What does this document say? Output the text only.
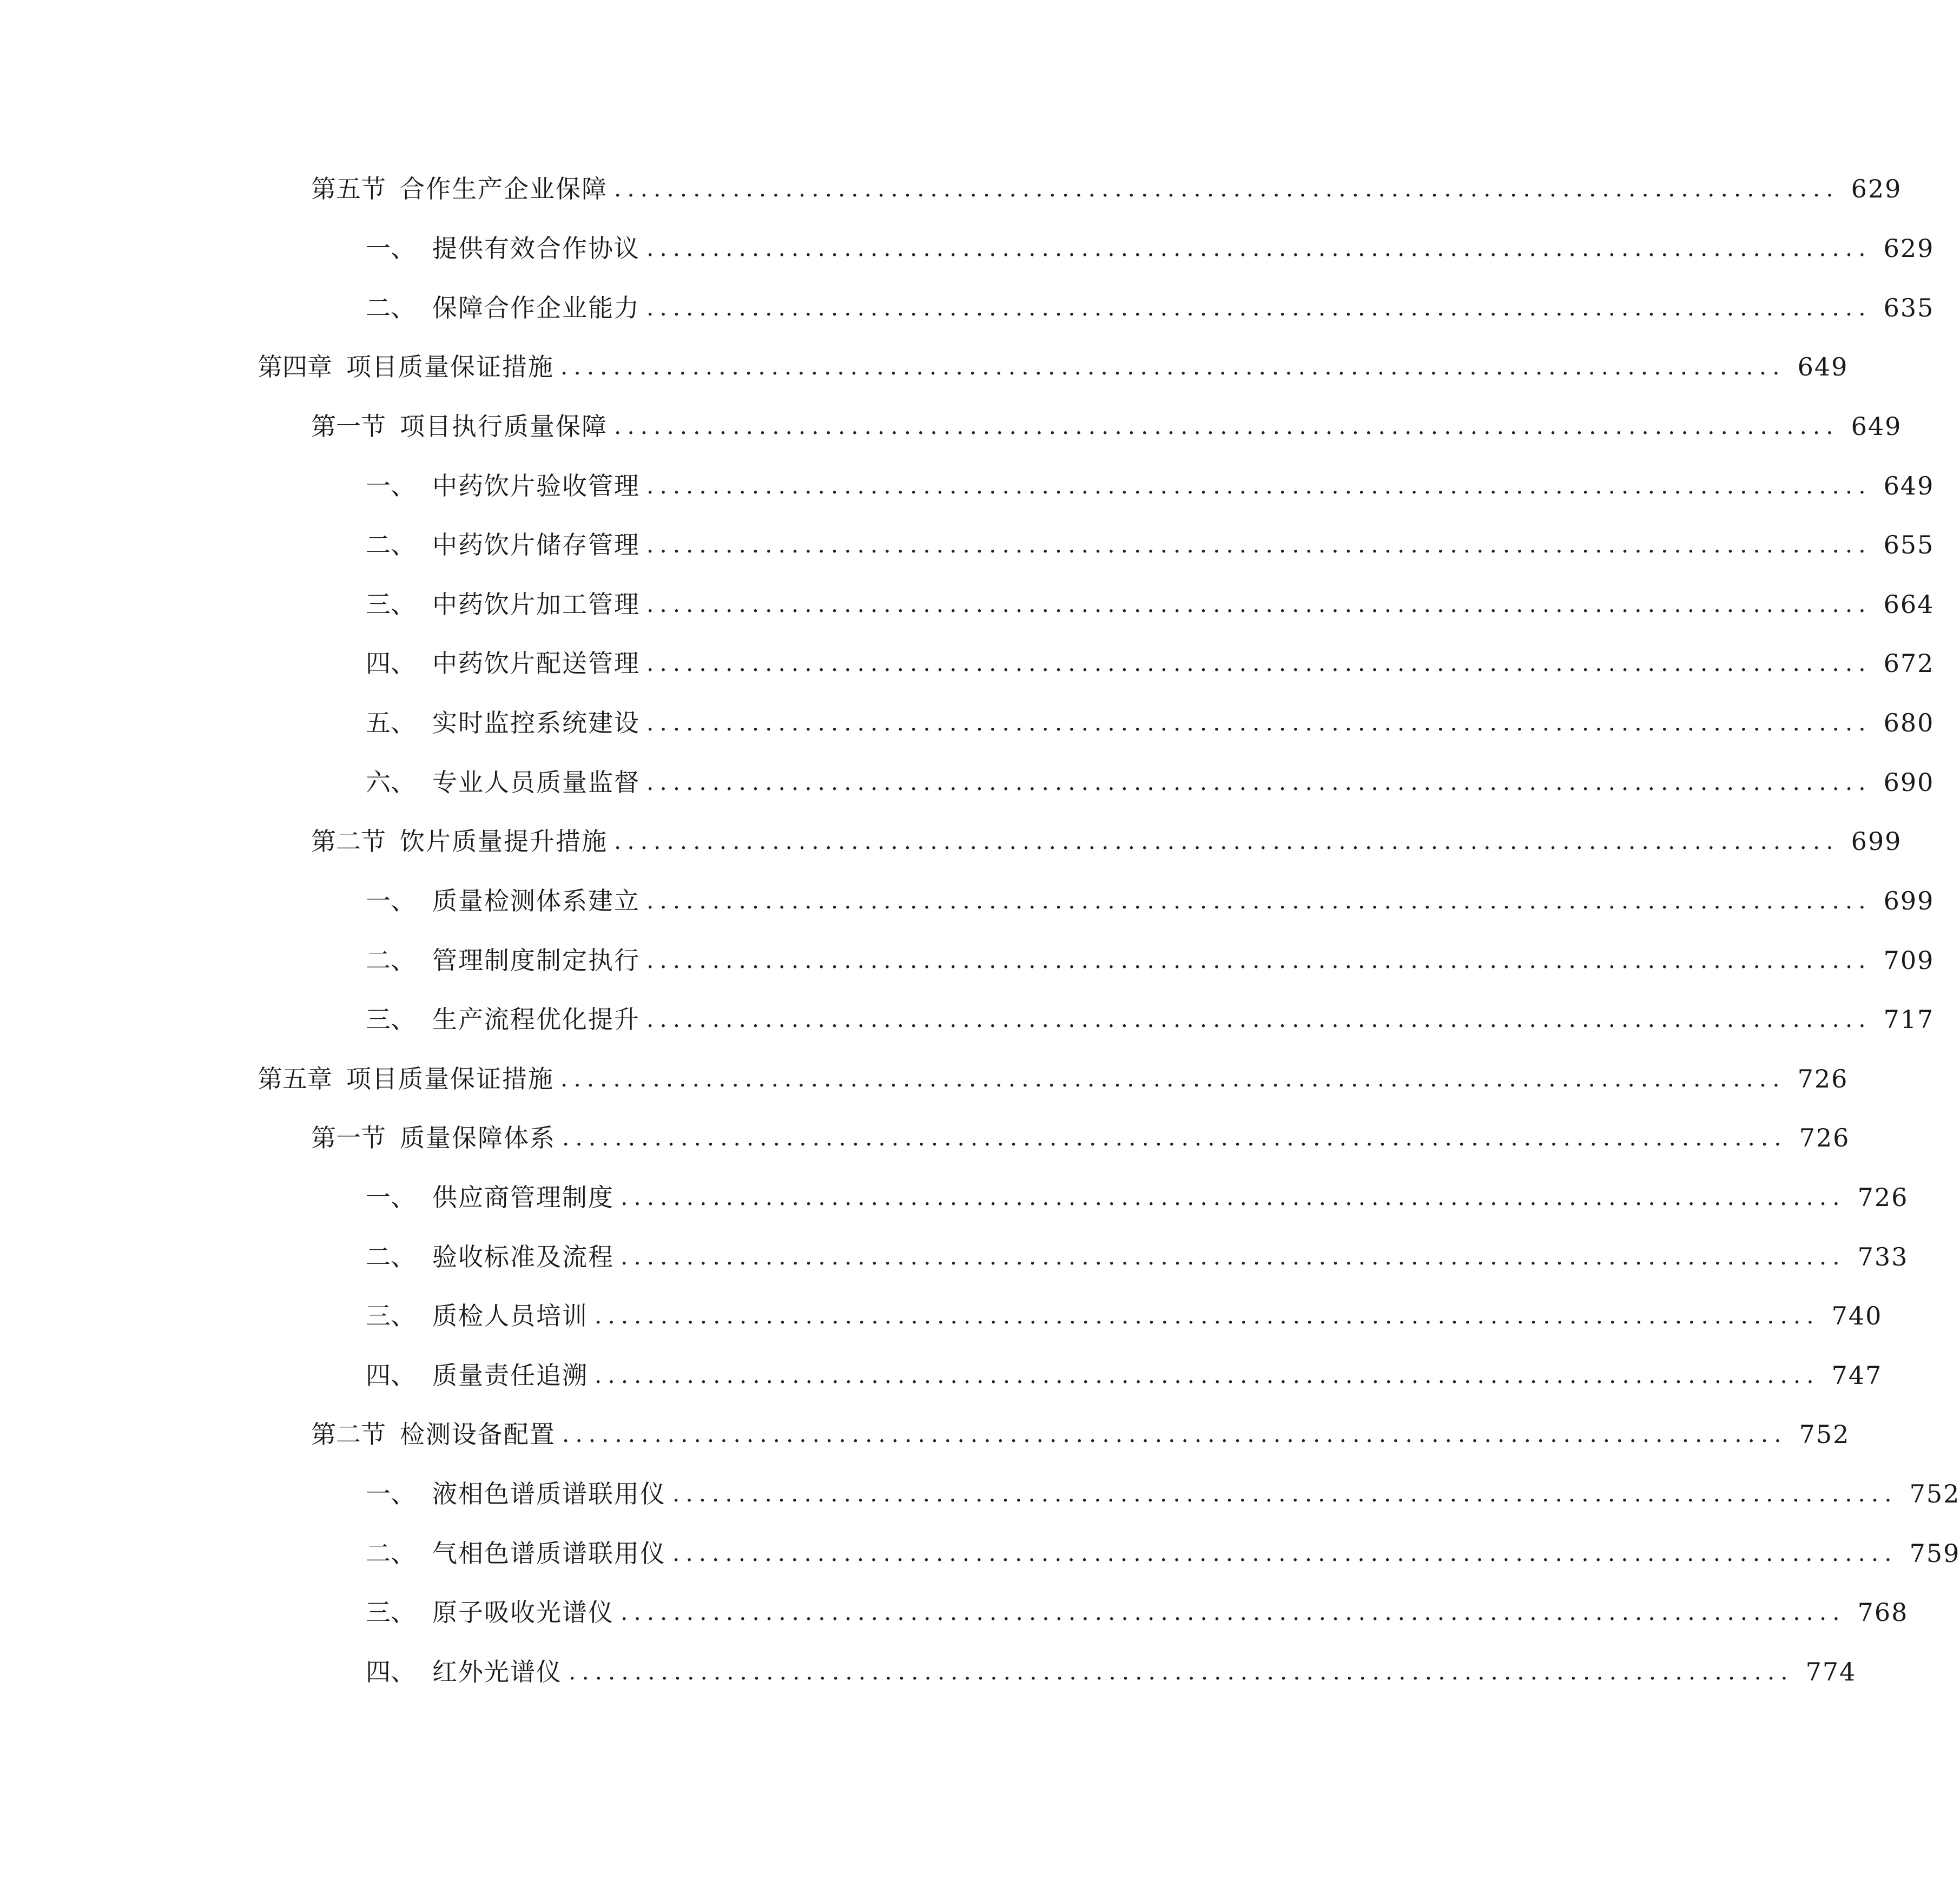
第五节 合作生产企业保障 ............................................................................................. 629
一、 提供有效合作协议 ............................................................................................. 629
二、 保障合作企业能力 ............................................................................................. 635
第四章 项目质量保证措施 ............................................................................................. 649
第一节 项目执行质量保障 ............................................................................................. 649
一、 中药饮片验收管理 ............................................................................................. 649
二、 中药饮片储存管理 ............................................................................................. 655
三、 中药饮片加工管理 ............................................................................................. 664
四、 中药饮片配送管理 ............................................................................................. 672
五、 实时监控系统建设 ............................................................................................. 680
六、 专业人员质量监督 ............................................................................................. 690
第二节 饮片质量提升措施 ............................................................................................. 699
一、 质量检测体系建立 ............................................................................................. 699
二、 管理制度制定执行 ............................................................................................. 709
三、 生产流程优化提升 ............................................................................................. 717
第五章 项目质量保证措施 ............................................................................................. 726
第一节 质量保障体系 ............................................................................................. 726
一、 供应商管理制度 ............................................................................................. 726
二、 验收标准及流程 ............................................................................................. 733
三、 质检人员培训 ............................................................................................. 740
四、 质量责任追溯 ............................................................................................. 747
第二节 检测设备配置 ............................................................................................. 752
一、 液相色谱质谱联用仪 ............................................................................................. 752
二、 气相色谱质谱联用仪 ............................................................................................. 759
三、 原子吸收光谱仪 ............................................................................................. 768
四、 红外光谱仪 ............................................................................................. 774
